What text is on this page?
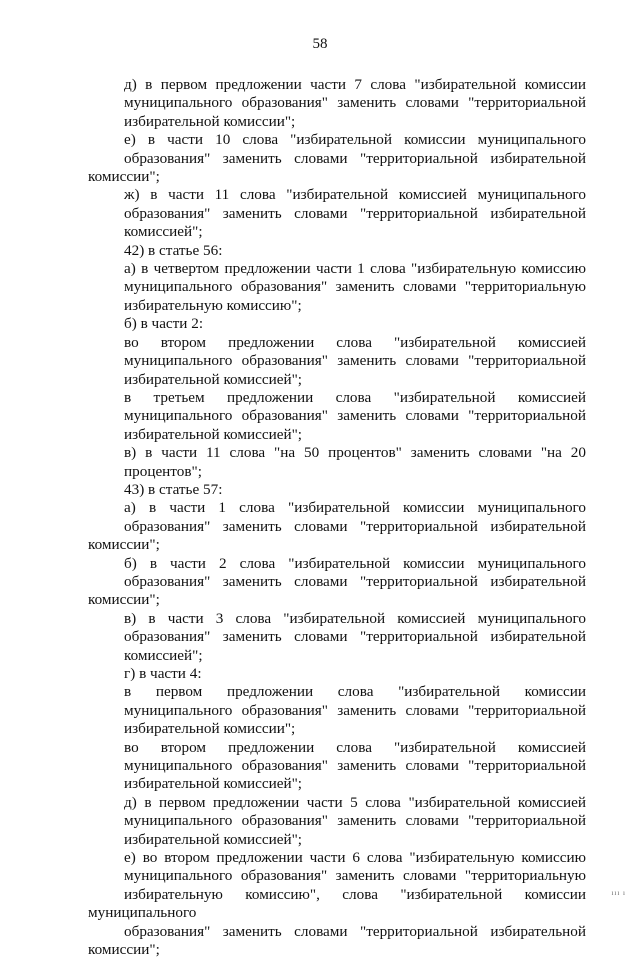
58

д) в первом предложении части 7 слова "избирательной комиссии
муниципального образования" заменить словами "территориальной
избирательной комиссии";

е) в части 10 слова "избирательной комиссии муниципального
образования" заменить словами "территориальной избирательной комиссии";

ж) в части 11 слова "избирательной комиссией муниципального
образования" заменить словами "территориальной избирательной
комиссией";

42) в статье 56:

а) в четвертом предложении части 1 слова "избирательную комиссию
муниципального образования" заменить словами "территориальную
избирательную комиссию";

б) в части 2:

во втором предложении слова "избирательной комиссией
муниципального образования" заменить словами "территориальной
избирательной комиссией";

в третьем предложении слова "избирательной комиссией
муниципального образования" заменить словами "территориальной
избирательной комиссией";

в) в части 11 слова "на 50 процентов" заменить словами "на 20
процентов";

43) в статье 57:

а) в части 1 слова "избирательной комиссии муниципального
образования" заменить словами "территориальной избирательной комиссии";

б) в части 2 слова "избирательной комиссии муниципального
образования" заменить словами "территориальной избирательной комиссии";

в) в части 3 слова "избирательной комиссией муниципального
образования" заменить словами "территориальной избирательной
комиссией";

г) в части 4:

в первом предложении слова "избирательной комиссии
муниципального образования" заменить словами "территориальной
избирательной комиссии";

во втором предложении слова "избирательной комиссией
муниципального образования" заменить словами "территориальной
избирательной комиссией";

д) в первом предложении части 5 слова "избирательной комиссией
муниципального образования" заменить словами "территориальной
избирательной комиссией";

е) во втором предложении части 6 слова "избирательную комиссию
муниципального образования" заменить словами "территориальную
избирательную комиссию", слова "избирательной комиссии муниципального
образования" заменить словами "территориальной избирательной комиссии";

ııı ı
